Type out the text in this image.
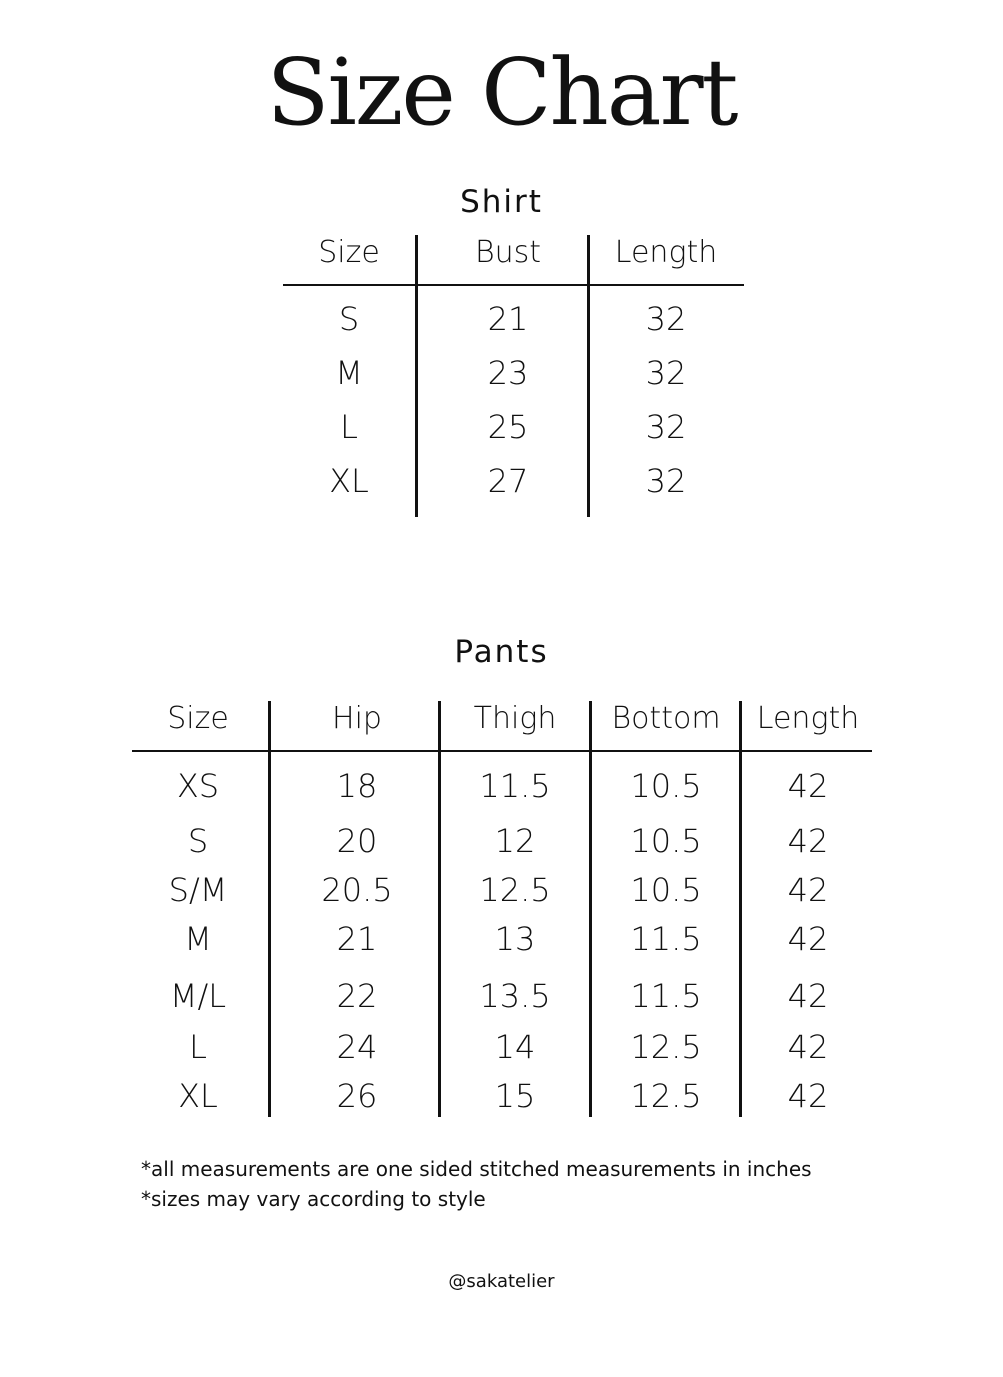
Size Chart
Shirt
Size	Bust	Length
S	21	32
M	23	32
L	25	32
XL	27	32
Pants
Size	Hip	Thigh	Bottom	Length
XS	18	11.5	10.5	42
S	20	12	10.5	42
S/M	20.5	12.5	10.5	42
M	21	13	11.5	42
M/L	22	13.5	11.5	42
L	24	14	12.5	42
XL	26	15	12.5	42
*all measurements are one sided stitched measurements in inches
*sizes may vary according to style
@sakatelier
